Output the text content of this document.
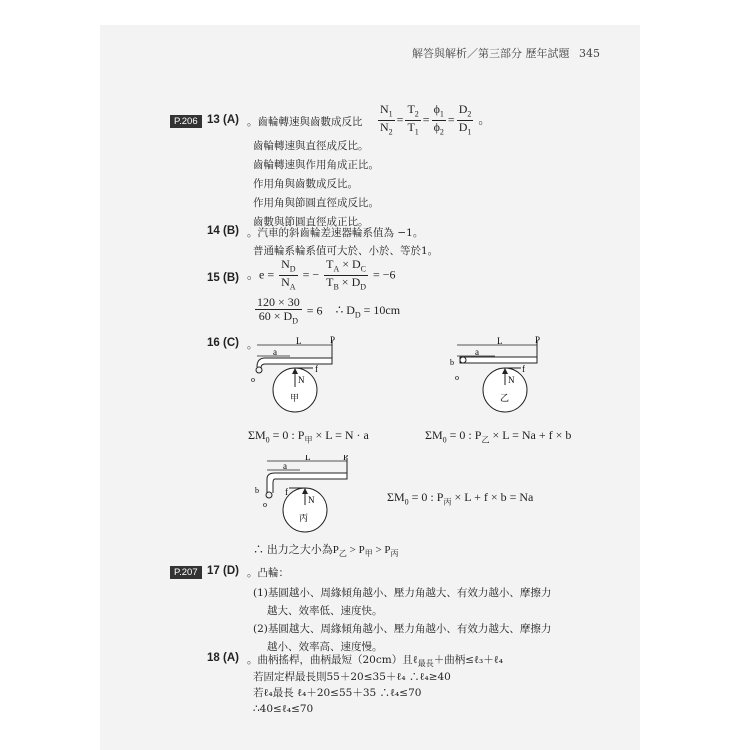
解答與解析／第三部分 歷年試題 345
P.206 13 (A) 。齒輪轉速與齒數成反比 $\frac{N_1}{N_2} = \frac{T_2}{T_1} = \frac{\phi_1}{\phi_2} = \frac{D_2}{D_1}$ 。
齒輪轉速與直徑成反比。
齒輪轉速與作用角成正比。
作用角與齒數成反比。
作用角與節圓直徑成反比。
齒數與節圓直徑成正比。
14 (B) 。汽車的斜齒輪差速器輪系值為 −1。
普通輪系輪系值可大於、小於、等於1。
15 (B) 。$e = \frac{N_D}{N_A}$ = − $\frac{T_A \times D_C}{T_B \times D_D} = -6$
$\frac{120 \times 30}{60 \times D_D} = 6$ ∴ $D_D = 10cm$
16 (C) 。	L
a
P
o	N
f
甲
L
a
P
b
o	N
f
乙
$\Sigma M_0 = 0$ : $P_甲 \times L = N \cdot a$	$\Sigma M_0 = 0$ : $P_乙 \times L = Na + f \times b$
L
a
P
b
o	N
f
丙
$\Sigma M_0 = 0$ : $P_丙 \times L + f \times b = Na$
∴ 出力之大小為$P_乙 > P_甲 > P_丙$
P.207 17 (D) 。凸輪：
(1)基圓越小、周緣傾角越小、壓力角越大、有效力越小、摩擦力
越大、效率低、速度快。
(2)基圓越大、周緣傾角越小、壓力角越小、有效力越大、摩擦力
越小、效率高、速度慢。
18 (A) 。曲柄搖桿，曲柄最短（20cm）且ℓ$_{最長}$＋曲柄≤ℓ₃＋ℓ₄
若固定桿最長則55＋20≤35＋ℓ₄ ∴ℓ₄≥40
若ℓ₄最長 ℓ₄＋20≤55＋35 ∴ℓ₄≤70
∴40≤ℓ₄≤70
